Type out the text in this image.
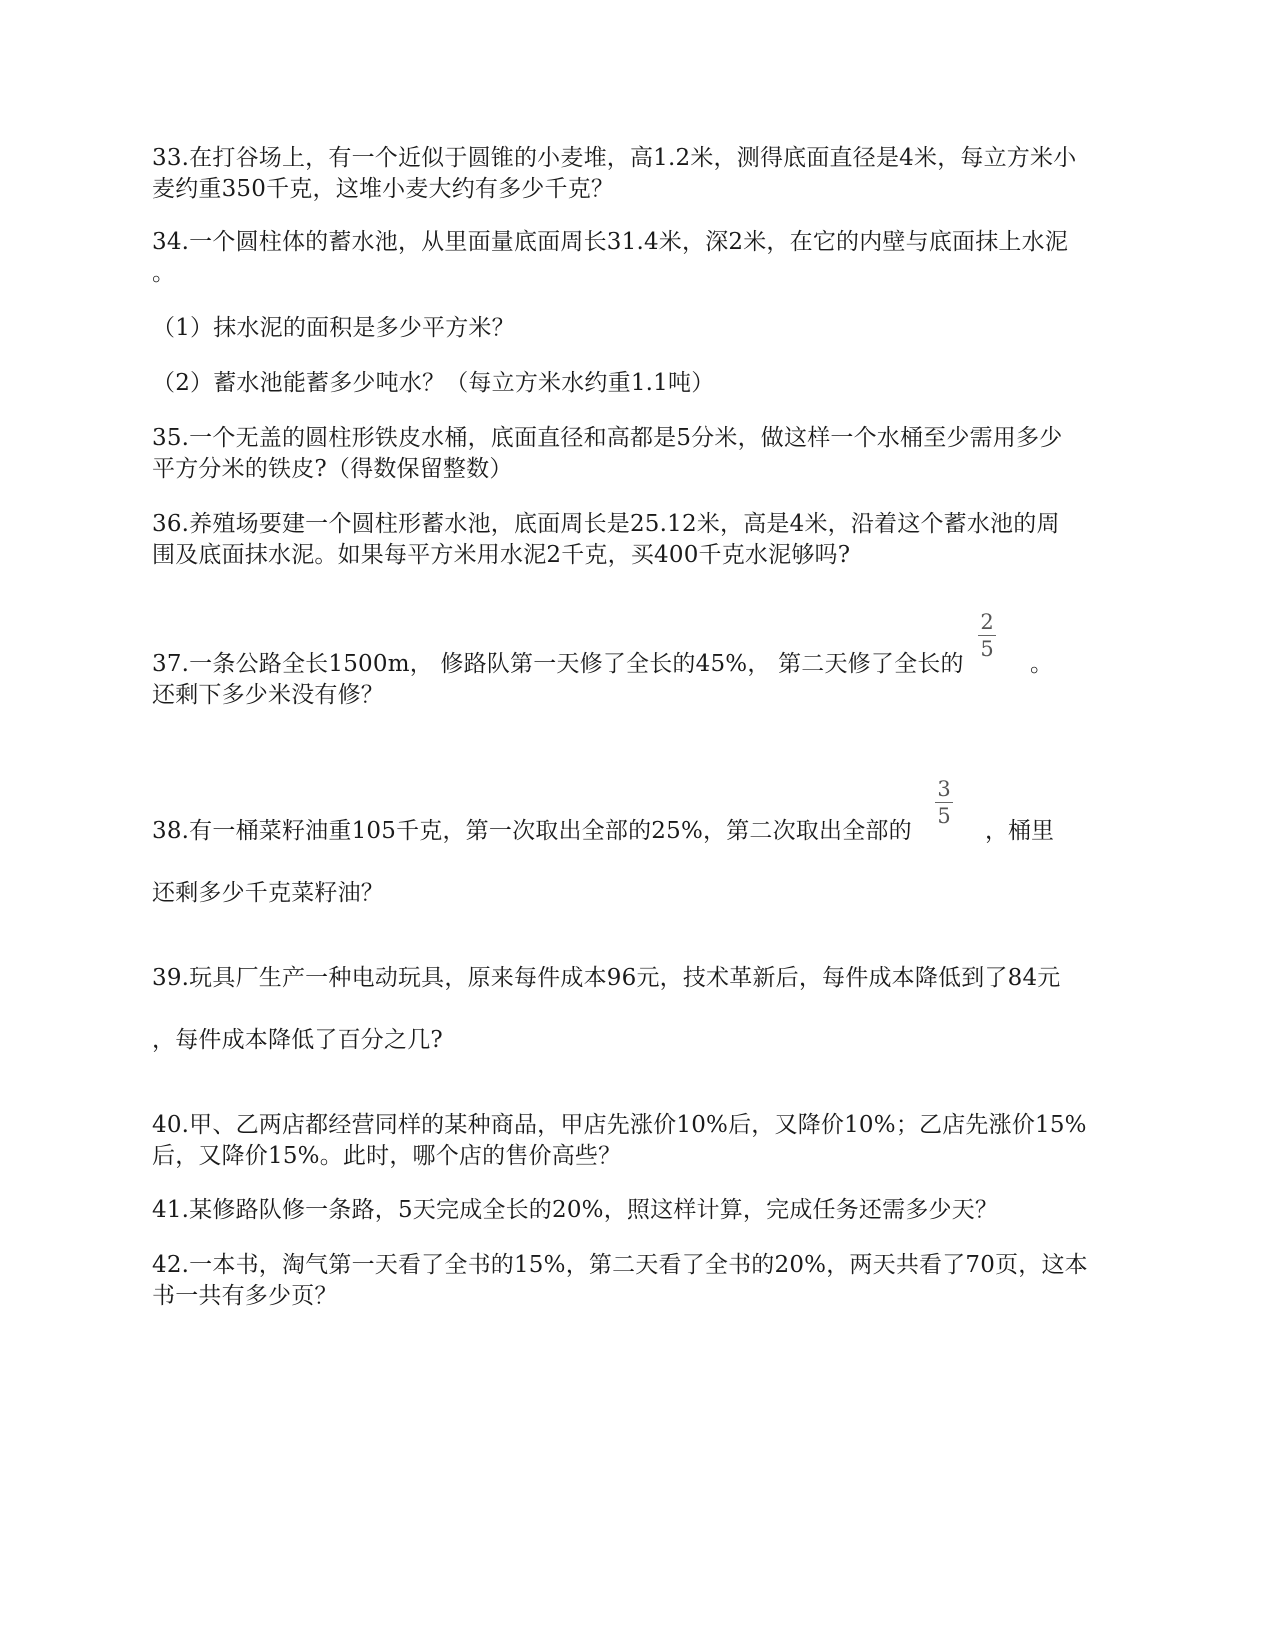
33.在打谷场上，有一个近似于圆锥的小麦堆，高1.2米，测得底面直径是4米，每立方米小
麦约重350千克，这堆小麦大约有多少千克？
34.一个圆柱体的蓄水池，从里面量底面周长31.4米，深2米，在它的内壁与底面抹上水泥
。
（1）抹水泥的面积是多少平方米？
（2）蓄水池能蓄多少吨水？（每立方米水约重1.1吨）
35.一个无盖的圆柱形铁皮水桶，底面直径和高都是5分米，做这样一个水桶至少需用多少
平方分米的铁皮?（得数保留整数）
36.养殖场要建一个圆柱形蓄水池，底面周长是25.12米，高是4米，沿着这个蓄水池的周
围及底面抹水泥。如果每平方米用水泥2千克，买400千克水泥够吗?
37.一条公路全长1500m， 修路队第一天修了全长的45%， 第二天修了全长的
2
5
。
还剩下多少米没有修？
38.有一桶菜籽油重105千克，第一次取出全部的25%，第二次取出全部的
3
5
，桶里
还剩多少千克菜籽油？
39.玩具厂生产一种电动玩具，原来每件成本96元，技术革新后，每件成本降低到了84元
，每件成本降低了百分之几?
40.甲、乙两店都经营同样的某种商品，甲店先涨价10%后，又降价10%；乙店先涨价15%
后，又降价15%。此时，哪个店的售价高些？
41.某修路队修一条路，5天完成全长的20%，照这样计算，完成任务还需多少天？
42.一本书，淘气第一天看了全书的15%，第二天看了全书的20%，两天共看了70页，这本
书一共有多少页？
